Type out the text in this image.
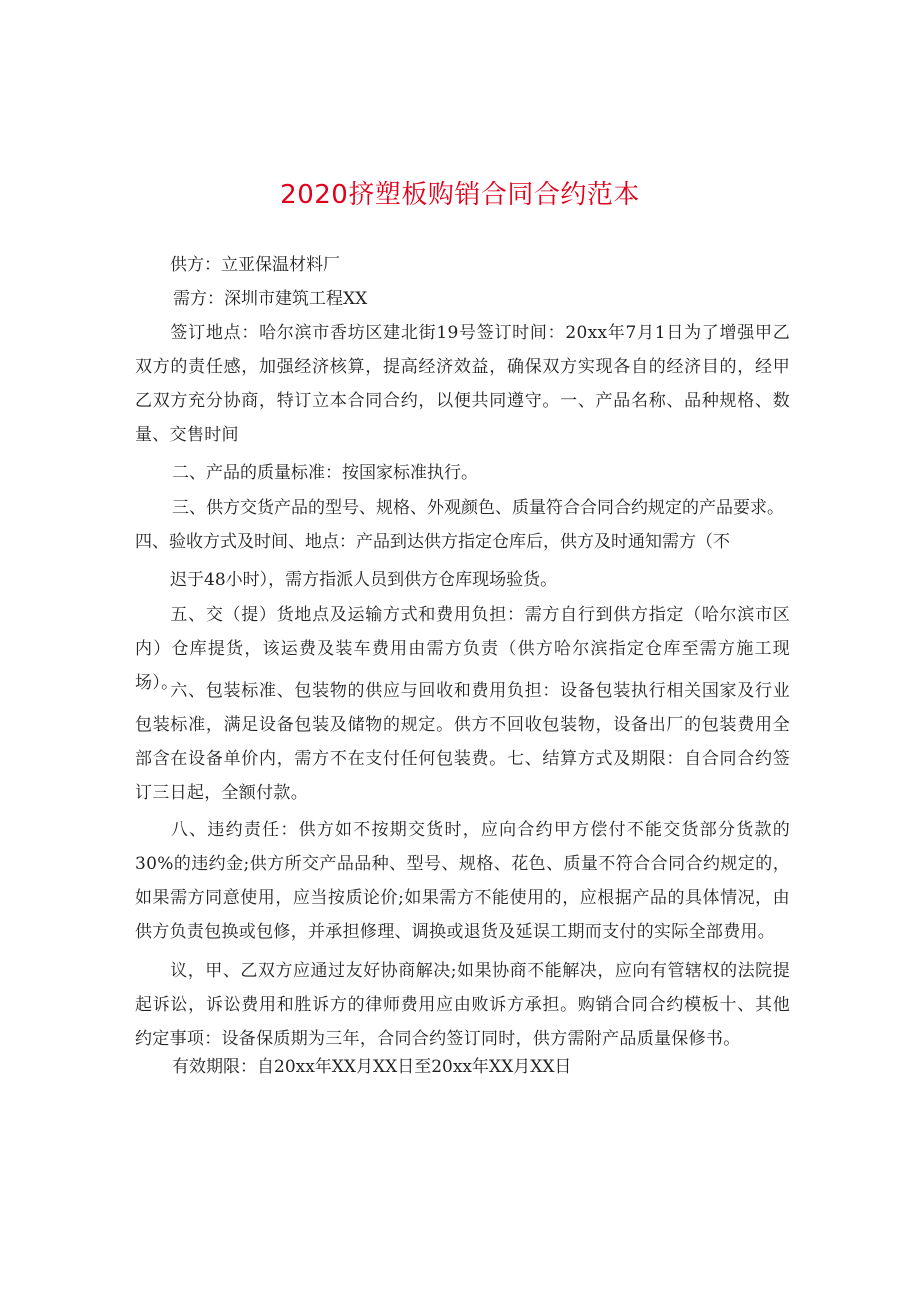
2020挤塑板购销合同合约范本
供方：立亚保温材料厂
需方：深圳市建筑工程XX
签订地点：哈尔滨市香坊区建北街19号签订时间：20xx年7月1日为了增强甲乙双方的责任感，加强经济核算，提高经济效益，确保双方实现各自的经济目的，经甲乙双方充分协商，特订立本合同合约，以便共同遵守。一、产品名称、品种规格、数量、交售时间
二、产品的质量标准：按国家标准执行。
三、供方交货产品的型号、规格、外观颜色、质量符合合同合约规定的产品要求。
四、验收方式及时间、地点：产品到达供方指定仓库后，供方及时通知需方（不
迟于48小时），需方指派人员到供方仓库现场验货。
五、交（提）货地点及运输方式和费用负担：需方自行到供方指定（哈尔滨市区内）仓库提货，该运费及装车费用由需方负责（供方哈尔滨指定仓库至需方施工现场）。
六、包装标准、包装物的供应与回收和费用负担：设备包装执行相关国家及行业包装标准，满足设备包装及储物的规定。供方不回收包装物，设备出厂的包装费用全部含在设备单价内，需方不在支付任何包装费。七、结算方式及期限：自合同合约签订三日起，全额付款。
八、违约责任：供方如不按期交货时，应向合约甲方偿付不能交货部分货款的30%的违约金;供方所交产品品种、型号、规格、花色、质量不符合合同合约规定的，如果需方同意使用，应当按质论价;如果需方不能使用的，应根据产品的具体情况，由供方负责包换或包修，并承担修理、调换或退货及延误工期而支付的实际全部费用。
议，甲、乙双方应通过友好协商解决;如果协商不能解决，应向有管辖权的法院提起诉讼，诉讼费用和胜诉方的律师费用应由败诉方承担。购销合同合约模板十、其他约定事项：设备保质期为三年，合同合约签订同时，供方需附产品质量保修书。
有效期限：自20xx年XX月XX日至20xx年XX月XX日
